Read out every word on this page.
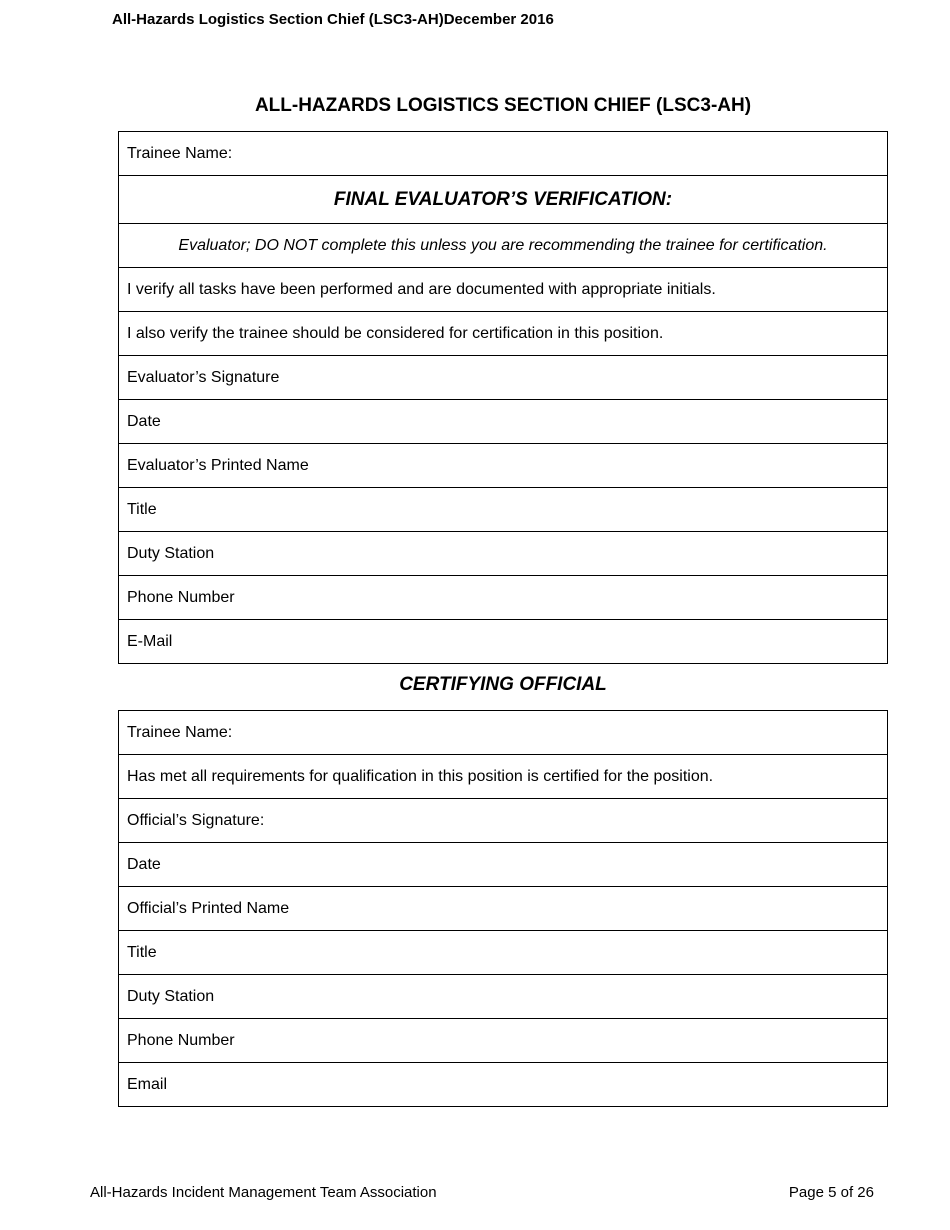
All-Hazards Logistics Section Chief (LSC3-AH)December 2016
ALL-HAZARDS LOGISTICS SECTION CHIEF (LSC3-AH)
Trainee Name:
FINAL EVALUATOR’S VERIFICATION:
Evaluator; DO NOT complete this unless you are recommending the trainee for certification.
I verify all tasks have been performed and are documented with appropriate initials.
I also verify the trainee should be considered for certification in this position.
Evaluator’s Signature
Date
Evaluator’s Printed Name
Title
Duty Station
Phone Number
E-Mail
CERTIFYING OFFICIAL
Trainee Name:
Has met all requirements for qualification in this position is certified for the position.
Official’s Signature:
Date
Official’s Printed Name
Title
Duty Station
Phone Number
Email
All-Hazards Incident Management Team Association	Page 5 of 26
